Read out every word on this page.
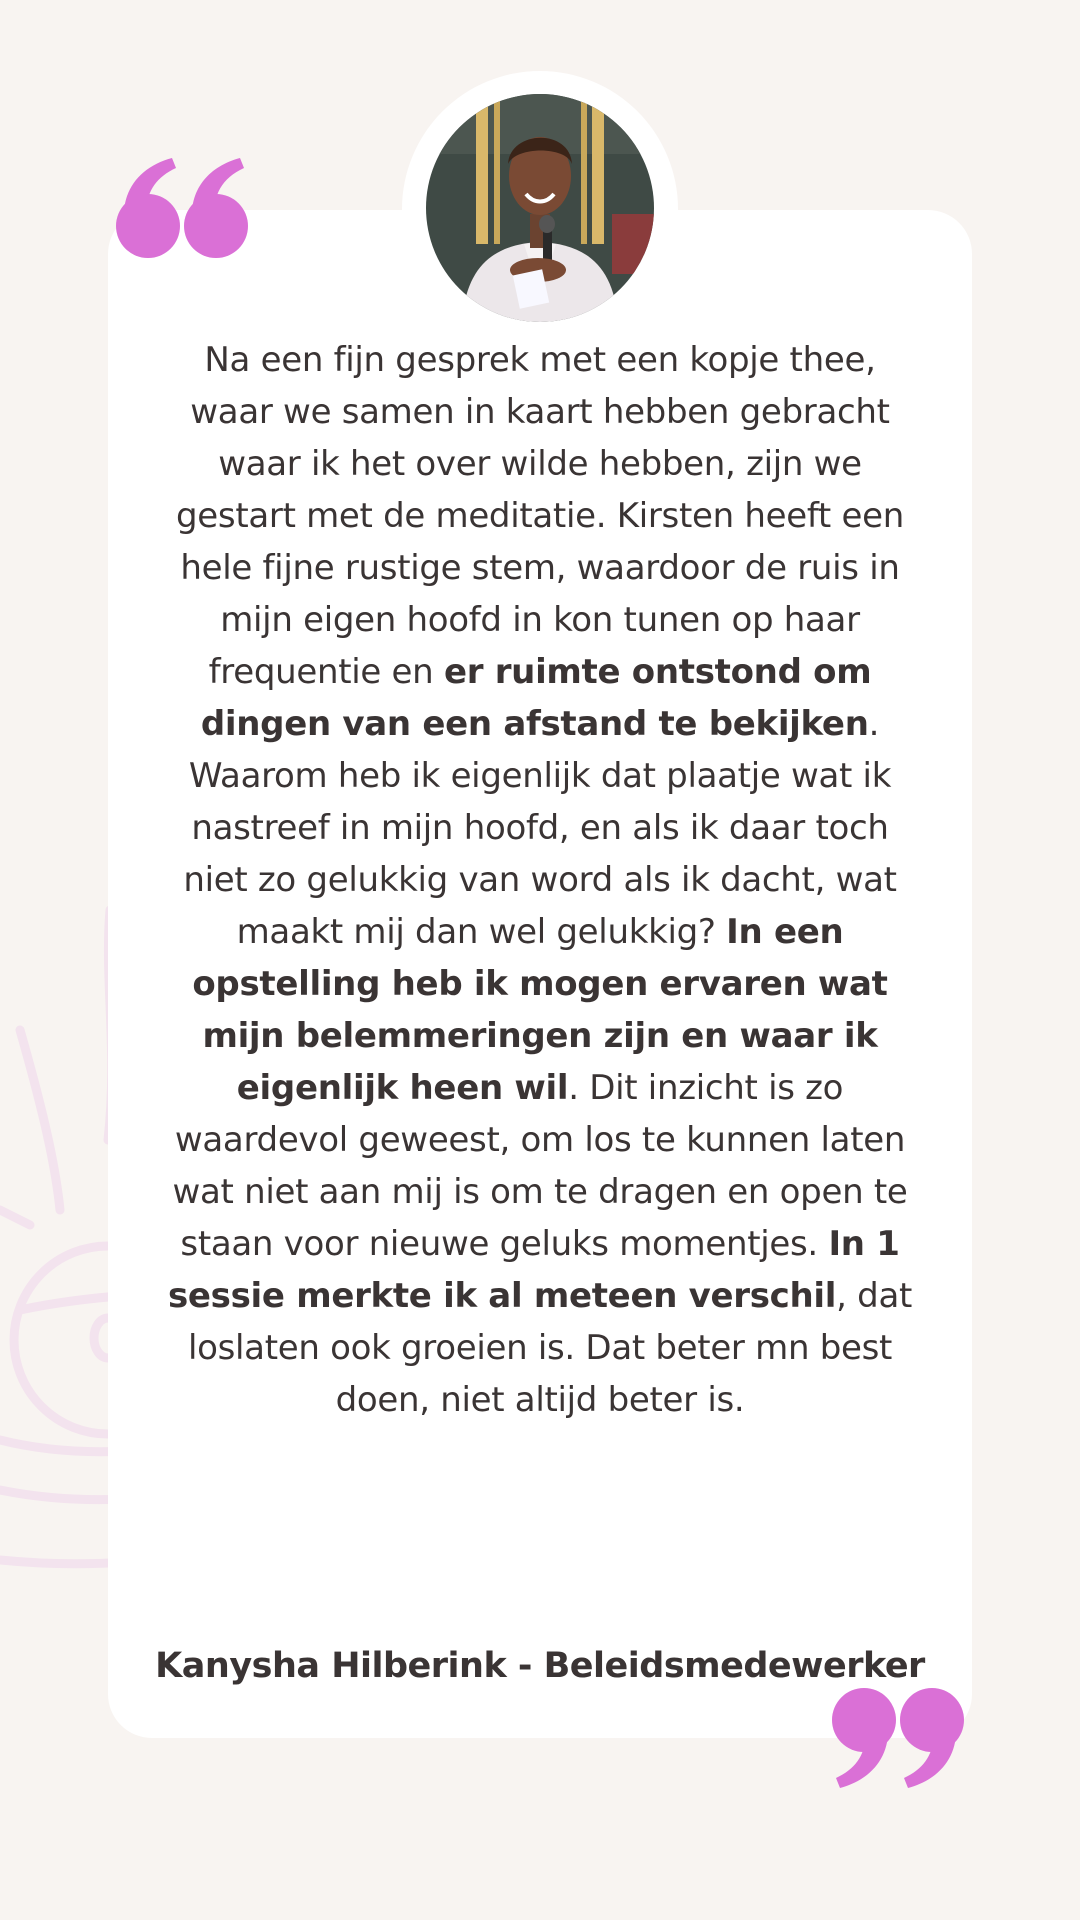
Na een fijn gesprek met een kopje thee, waar we samen in kaart hebben gebracht waar ik het over wilde hebben, zijn we gestart met de meditatie. Kirsten heeft een hele fijne rustige stem, waardoor de ruis in mijn eigen hoofd in kon tunen op haar frequentie en er ruimte ontstond om dingen van een afstand te bekijken. Waarom heb ik eigenlijk dat plaatje wat ik nastreef in mijn hoofd, en als ik daar toch niet zo gelukkig van word als ik dacht, wat maakt mij dan wel gelukkig? In een opstelling heb ik mogen ervaren wat mijn belemmeringen zijn en waar ik eigenlijk heen wil. Dit inzicht is zo waardevol geweest, om los te kunnen laten wat niet aan mij is om te dragen en open te staan voor nieuwe geluks momentjes. In 1 sessie merkte ik al meteen verschil, dat loslaten ook groeien is. Dat beter mn best doen, niet altijd beter is.

Kanysha Hilberink - Beleidsmedewerker
